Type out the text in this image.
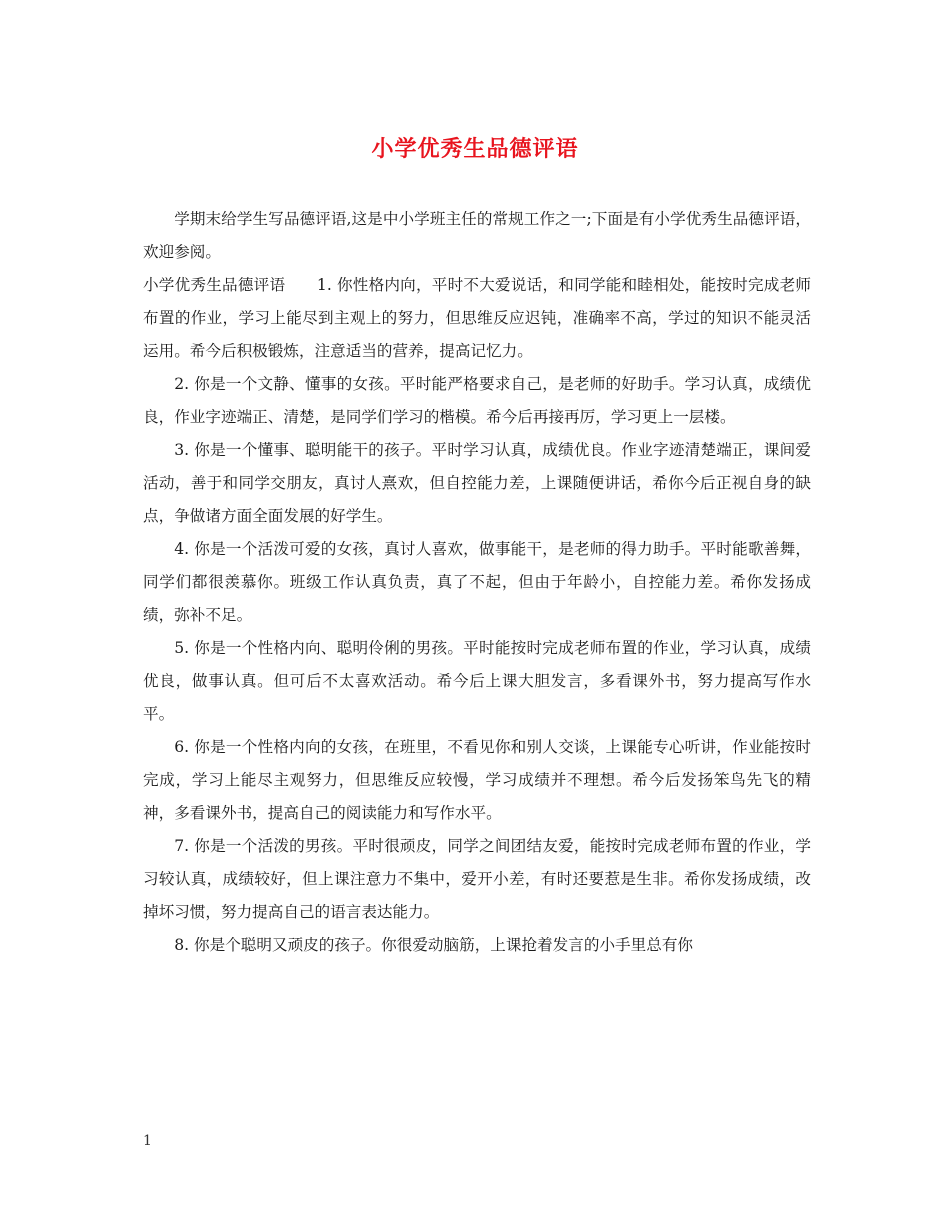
小学优秀生品德评语

学期末给学生写品德评语,这是中小学班主任的常规工作之一;下面是有小学优秀生品德评语，欢迎参阅。

小学优秀生品德评语　　1. 你性格内向，平时不大爱说话，和同学能和睦相处，能按时完成老师布置的作业，学习上能尽到主观上的努力，但思维反应迟钝，准确率不高，学过的知识不能灵活运用。希今后积极锻炼，注意适当的营养，提高记忆力。

2. 你是一个文静、懂事的女孩。平时能严格要求自己，是老师的好助手。学习认真，成绩优良，作业字迹端正、清楚，是同学们学习的楷模。希今后再接再厉，学习更上一层楼。

3. 你是一个懂事、聪明能干的孩子。平时学习认真，成绩优良。作业字迹清楚端正，课间爱活动，善于和同学交朋友，真讨人熹欢，但自控能力差，上课随便讲话，希你今后正视自身的缺点，争做诸方面全面发展的好学生。

4. 你是一个活泼可爱的女孩，真讨人喜欢，做事能干，是老师的得力助手。平时能歌善舞，同学们都很羡慕你。班级工作认真负责，真了不起，但由于年龄小，自控能力差。希你发扬成绩，弥补不足。

5. 你是一个性格内向、聪明伶俐的男孩。平时能按时完成老师布置的作业，学习认真，成绩优良，做事认真。但可后不太喜欢活动。希今后上课大胆发言，多看课外书，努力提高写作水平。

6. 你是一个性格内向的女孩，在班里，不看见你和别人交谈，上课能专心听讲，作业能按时完成，学习上能尽主观努力，但思维反应较慢，学习成绩并不理想。希今后发扬笨鸟先飞的精神，多看课外书，提高自己的阅读能力和写作水平。

7. 你是一个活泼的男孩。平时很顽皮，同学之间团结友爱，能按时完成老师布置的作业，学习较认真，成绩较好，但上课注意力不集中，爱开小差，有时还要惹是生非。希你发扬成绩，改掉坏习惯，努力提高自己的语言表达能力。

8. 你是个聪明又顽皮的孩子。你很爱动脑筋，上课抢着发言的小手里总有你

1
